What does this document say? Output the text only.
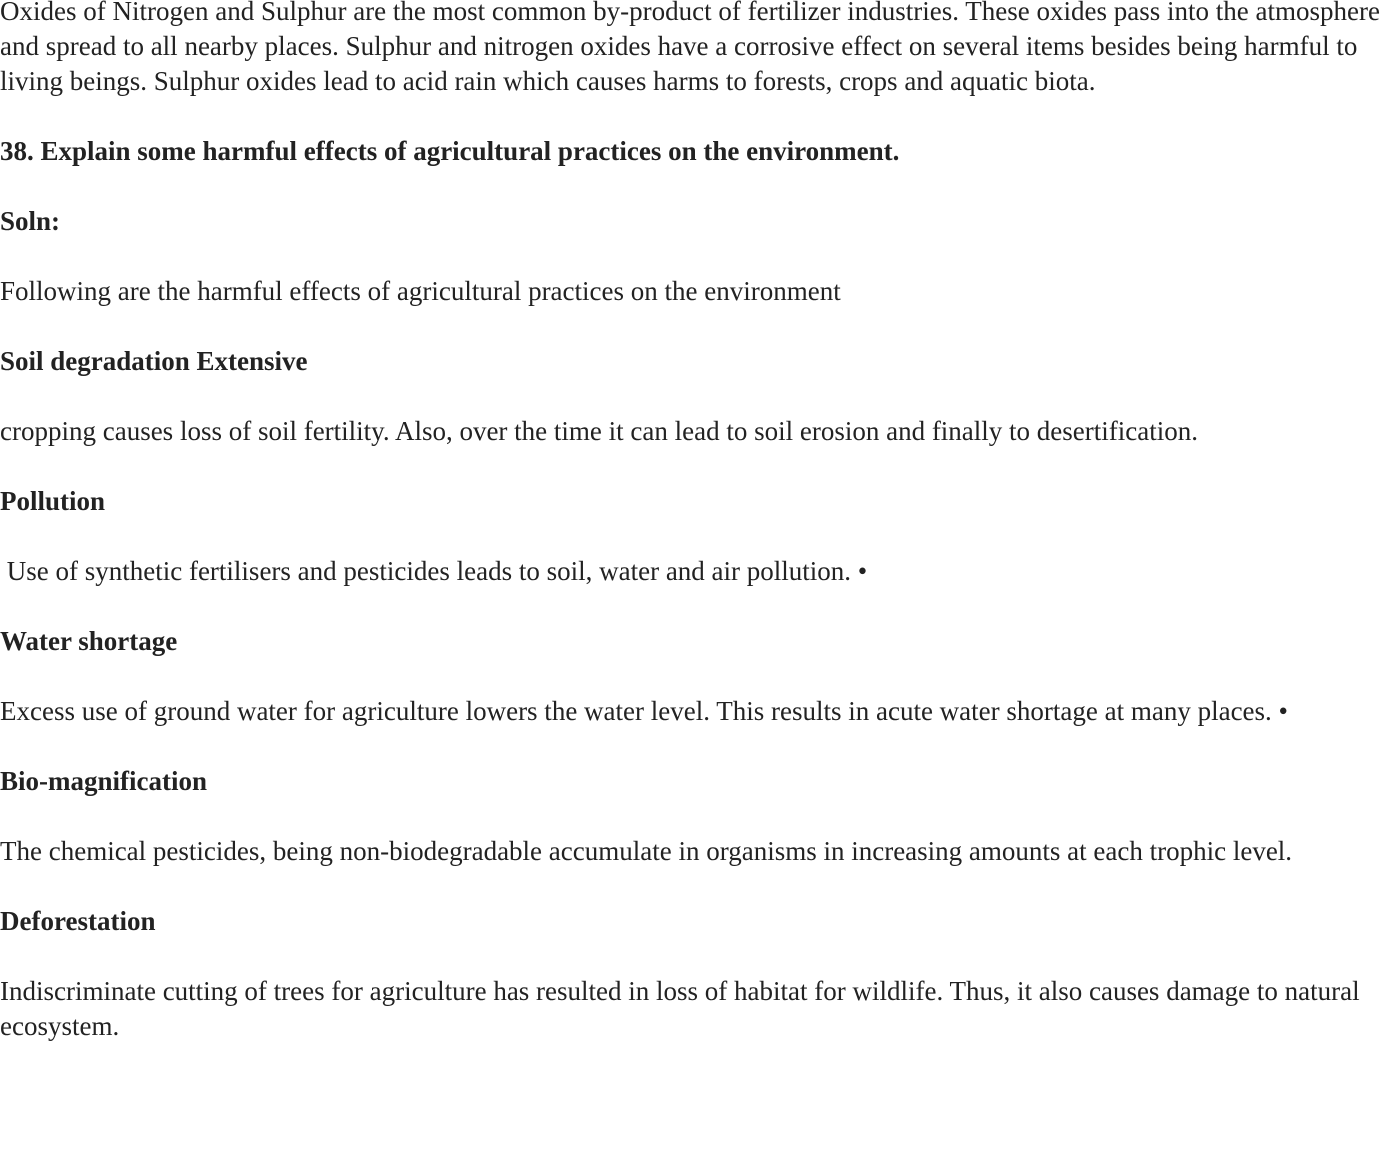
Oxides of Nitrogen and Sulphur are the most common by-product of fertilizer industries. These oxides pass into the atmosphere and spread to all nearby places. Sulphur and nitrogen oxides have a corrosive effect on several items besides being harmful to living beings. Sulphur oxides lead to acid rain which causes harms to forests, crops and aquatic biota.

38. Explain some harmful effects of agricultural practices on the environment.

Soln:

Following are the harmful effects of agricultural practices on the environment

Soil degradation Extensive

cropping causes loss of soil fertility. Also, over the time it can lead to soil erosion and finally to desertification.

Pollution

Use of synthetic fertilisers and pesticides leads to soil, water and air pollution. •

Water shortage

Excess use of ground water for agriculture lowers the water level. This results in acute water shortage at many places. •

Bio-magnification

The chemical pesticides, being non-biodegradable accumulate in organisms in increasing amounts at each trophic level.

Deforestation

Indiscriminate cutting of trees for agriculture has resulted in loss of habitat for wildlife. Thus, it also causes damage to natural ecosystem.
